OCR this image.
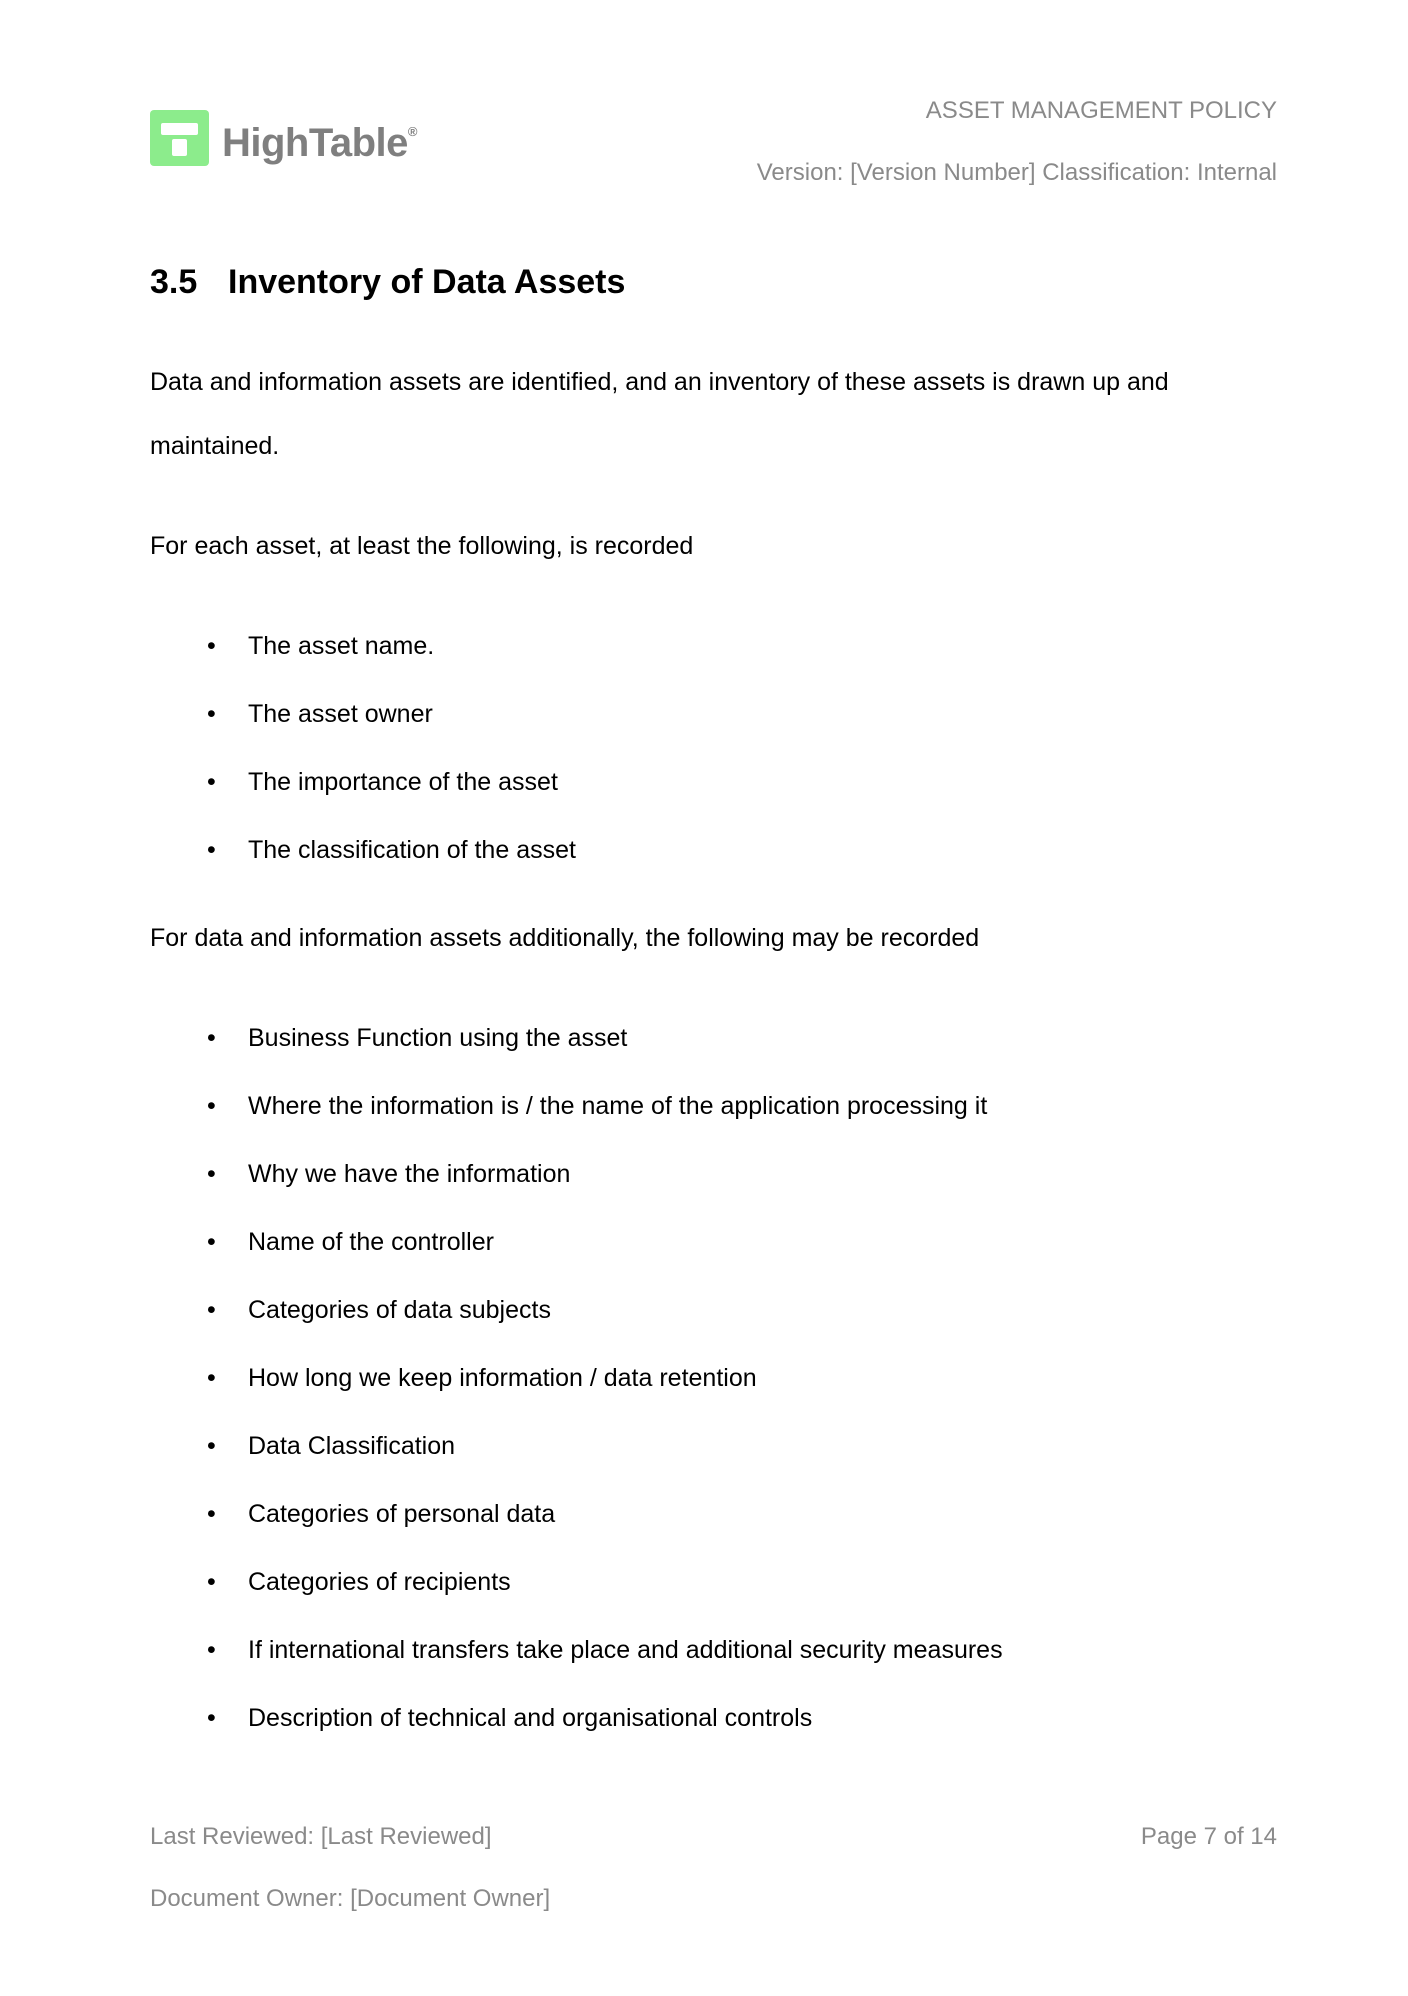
HighTable®
ASSET MANAGEMENT POLICY
Version: [Version Number] Classification: Internal
3.5 Inventory of Data Assets

Data and information assets are identified, and an inventory of these assets is drawn up and maintained.

For each asset, at least the following, is recorded

•	The asset name.
•	The asset owner
•	The importance of the asset
•	The classification of the asset

For data and information assets additionally, the following may be recorded

•	Business Function using the asset
•	Where the information is / the name of the application processing it
•	Why we have the information
•	Name of the controller
•	Categories of data subjects
•	How long we keep information / data retention
•	Data Classification
•	Categories of personal data
•	Categories of recipients
•	If international transfers take place and additional security measures
•	Description of technical and organisational controls
Last Reviewed: [Last Reviewed]	Page 7 of 14
Document Owner: [Document Owner]
